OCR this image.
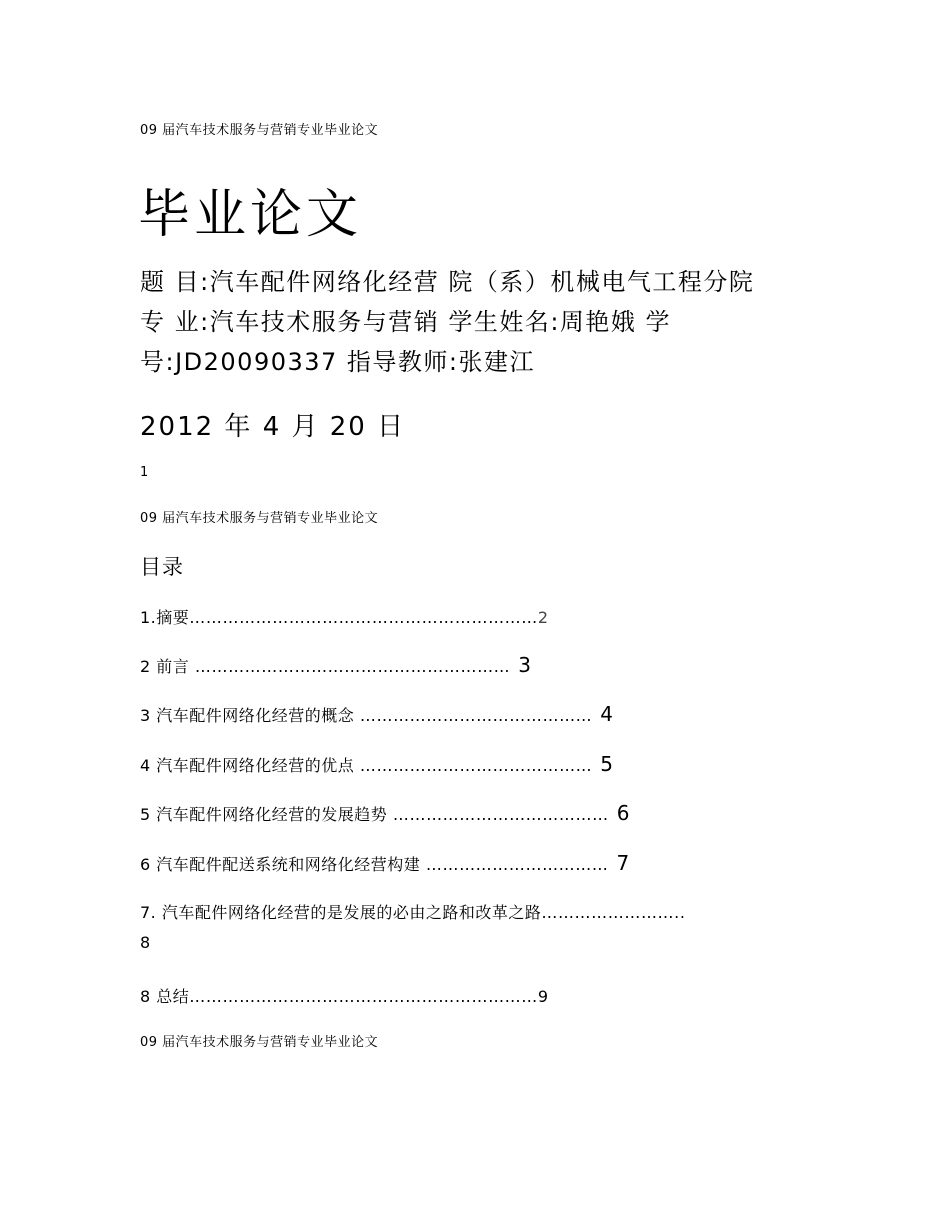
09 届汽车技术服务与营销专业毕业论文
毕业论文
题 目:汽车配件网络化经营 院（系）机械电气工程分院
专 业:汽车技术服务与营销 学生姓名:周艳娥 学
号:JD20090337 指导教师:张建江
2012 年 4 月 20 日
1
09 届汽车技术服务与营销专业毕业论文
目录
1.摘要………………………………………………………2
2 前言 ………………………………………………… 3
3 汽车配件网络化经营的概念 …………………………………… 4
4 汽车配件网络化经营的优点 …………………………………… 5
5 汽车配件网络化经营的发展趋势 ………………………………… 6
6 汽车配件配送系统和网络化经营构建 …………………………… 7
7. 汽车配件网络化经营的是发展的必由之路和改革之路……………………..
8
8 总结………………………………………………………9
09 届汽车技术服务与营销专业毕业论文
